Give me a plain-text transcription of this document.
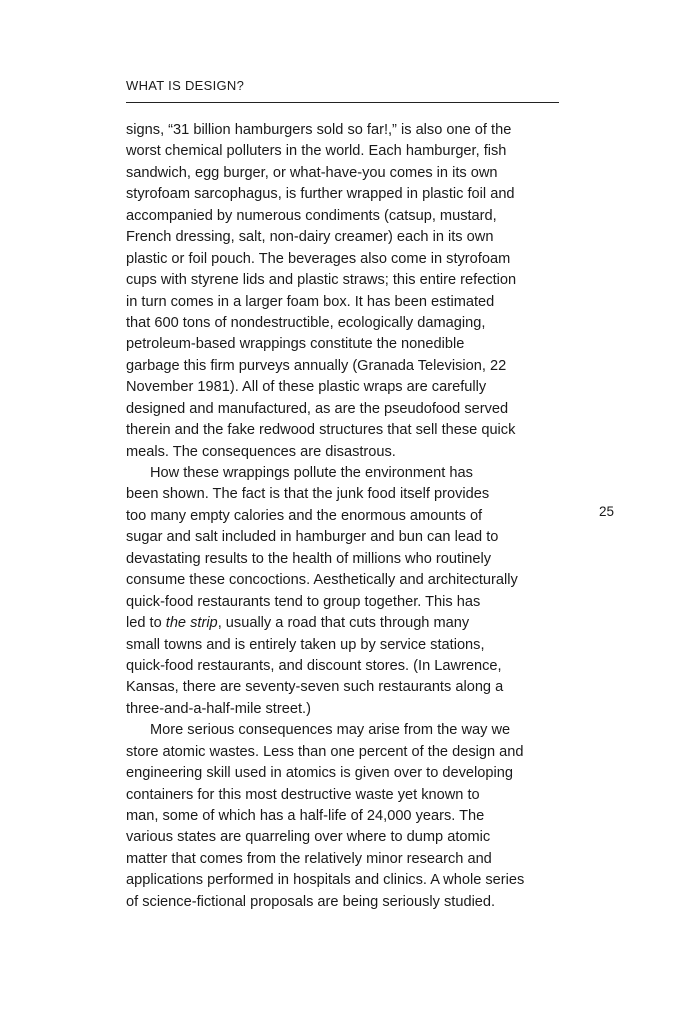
WHAT IS DESIGN?
25
signs, “31 billion hamburgers sold so far!,” is also one of the
worst chemical polluters in the world. Each hamburger, fish
sandwich, egg burger, or what-have-you comes in its own
styrofoam sarcophagus, is further wrapped in plastic foil and
accompanied by numerous condiments (catsup, mustard,
French dressing, salt, non-dairy creamer) each in its own
plastic or foil pouch. The beverages also come in styrofoam
cups with styrene lids and plastic straws; this entire refection
in turn comes in a larger foam box. It has been estimated
that 600 tons of nondestructible, ecologically damaging,
petroleum-based wrappings constitute the nonedible
garbage this firm purveys annually (Granada Television, 22
November 1981). All of these plastic wraps are carefully
designed and manufactured, as are the pseudofood served
therein and the fake redwood structures that sell these quick
meals. The consequences are disastrous.
How these wrappings pollute the environment has
been shown. The fact is that the junk food itself provides
too many empty calories and the enormous amounts of
sugar and salt included in hamburger and bun can lead to
devastating results to the health of millions who routinely
consume these concoctions. Aesthetically and architecturally
quick-food restaurants tend to group together. This has
led to the strip, usually a road that cuts through many
small towns and is entirely taken up by service stations,
quick-food restaurants, and discount stores. (In Lawrence,
Kansas, there are seventy-seven such restaurants along a
three-and-a-half-mile street.)
More serious consequences may arise from the way we
store atomic wastes. Less than one percent of the design and
engineering skill used in atomics is given over to developing
containers for this most destructive waste yet known to
man, some of which has a half-life of 24,000 years. The
various states are quarreling over where to dump atomic
matter that comes from the relatively minor research and
applications performed in hospitals and clinics. A whole series
of science-fictional proposals are being seriously studied.
